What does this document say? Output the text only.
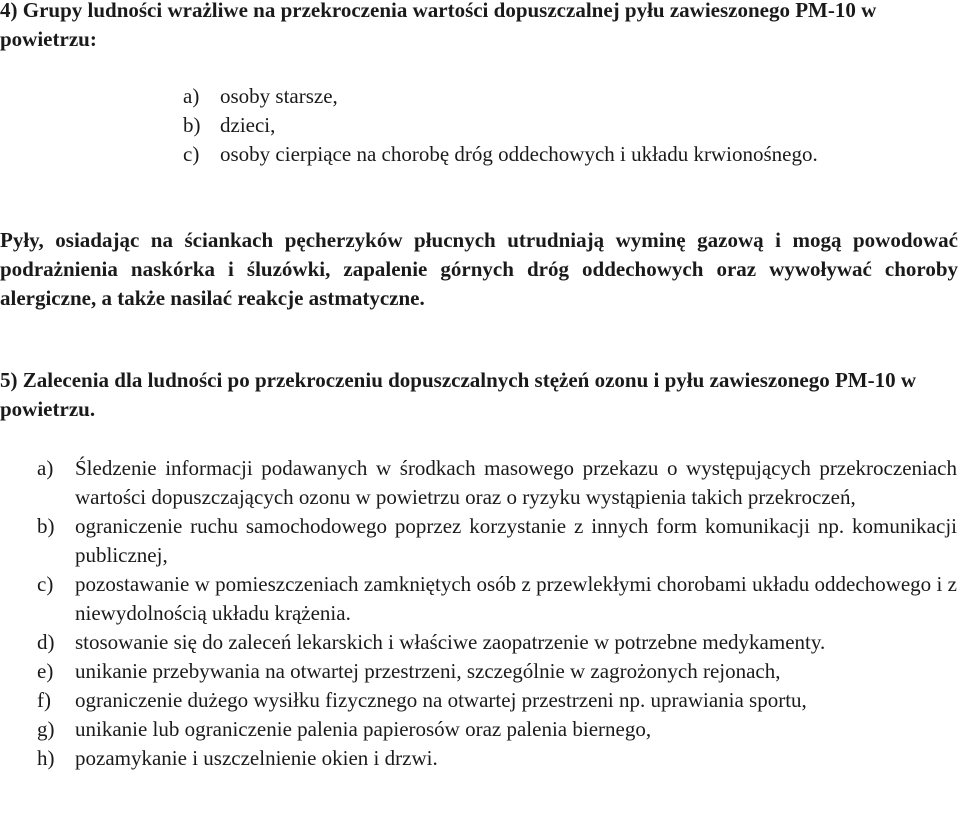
4) Grupy ludności wrażliwe na przekroczenia wartości dopuszczalnej pyłu zawieszonego PM-10 w powietrzu:
a) osoby starsze,
b) dzieci,
c) osoby cierpiące na chorobę dróg oddechowych i układu krwionośnego.
Pyły, osiadając na ściankach pęcherzyków płucnych utrudniają wyminę gazową i mogą powodować podrażnienia naskórka i śluzówki, zapalenie górnych dróg oddechowych oraz wywoływać choroby alergiczne, a także nasilać reakcje astmatyczne.
5) Zalecenia dla ludności po przekroczeniu dopuszczalnych stężeń ozonu i pyłu zawieszonego PM-10 w powietrzu.
a)	Śledzenie informacji podawanych w środkach masowego przekazu o występujących przekroczeniach wartości dopuszczających ozonu w powietrzu oraz o ryzyku wystąpienia takich przekroczeń,
b) ograniczenie ruchu samochodowego poprzez korzystanie z innych form komunikacji np. komunikacji publicznej,
c)	pozostawanie w pomieszczeniach zamkniętych osób z przewlekłymi chorobami układu oddechowego i z niewydolnością układu krążenia.
d) stosowanie się do zaleceń lekarskich i właściwe zaopatrzenie w potrzebne medykamenty.
e)	unikanie przebywania na otwartej przestrzeni, szczególnie w zagrożonych rejonach,
f)	ograniczenie dużego wysiłku fizycznego na otwartej przestrzeni np. uprawiania sportu,
g) unikanie lub ograniczenie palenia papierosów oraz palenia biernego,
h) pozamykanie i uszczelnienie okien i drzwi.
